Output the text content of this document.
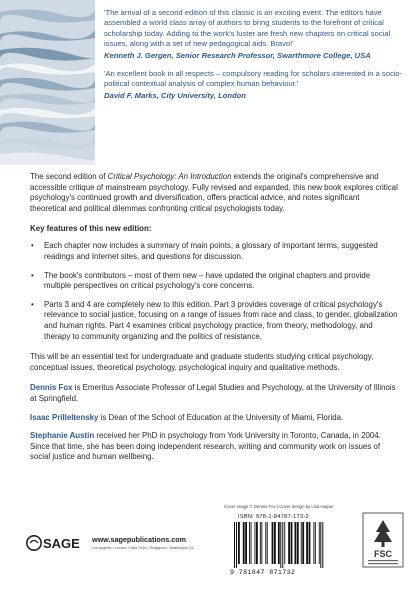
'The arrival of a second edition of this classic is an exciting event. The editors have assembled a world class array of authors to bring students to the forefront of critical scholarship today. Adding to the work's luster are fresh new chapters on critical social issues, along with a set of new pedagogical aids. Bravo!'

Kenneth J. Gergen, Senior Research Professor, Swarthmore College, USA

'An excellent book in all respects – compulsory reading for scholars interested in a socio-political contextual analysis of complex human behaviour.'

David F. Marks, City University, London

The second edition of Critical Psychology: An Introduction extends the original's comprehensive and accessible critique of mainstream psychology. Fully revised and expanded, this new book explores critical psychology's continued growth and diversification, offers practical advice, and notes significant theoretical and political dilemmas confronting critical psychologists today.

Key features of this new edition:

• Each chapter now includes a summary of main points, a glossary of important terms, suggested readings and Internet sites, and questions for discussion.
• The book's contributors – most of them new – have updated the original chapters and provide multiple perspectives on critical psychology's core concerns.
• Parts 3 and 4 are completely new to this edition. Part 3 provides coverage of critical psychology's relevance to social justice, focusing on a range of issues from race and class, to gender, globalization and human rights. Part 4 examines critical psychology practice, from theory, methodology, and therapy to community organizing and the politics of resistance.

This will be an essential text for undergraduate and graduate students studying critical psychology, conceptual issues, theoretical psychology, psychological inquiry and qualitative methods.

Dennis Fox is Emeritus Associate Professor of Legal Studies and Psychology, at the University of Illinois at Springfield.

Isaac Prilleltensky is Dean of the School of Education at the University of Miami, Florida.

Stephanie Austin received her PhD in psychology from York University in Toronto, Canada, in 2004. Since that time, she has been doing independent research, writing and community work on issues of social justice and human wellbeing.

Cover image © Dennis Fox | Cover design by Lisa Harper
SAGE www.sagepublications.com
Los Angeles • London • New Delhi • Singapore • Washington DC
ISBN: 978-1-84787-173-2
9 781847 871732
FSC
